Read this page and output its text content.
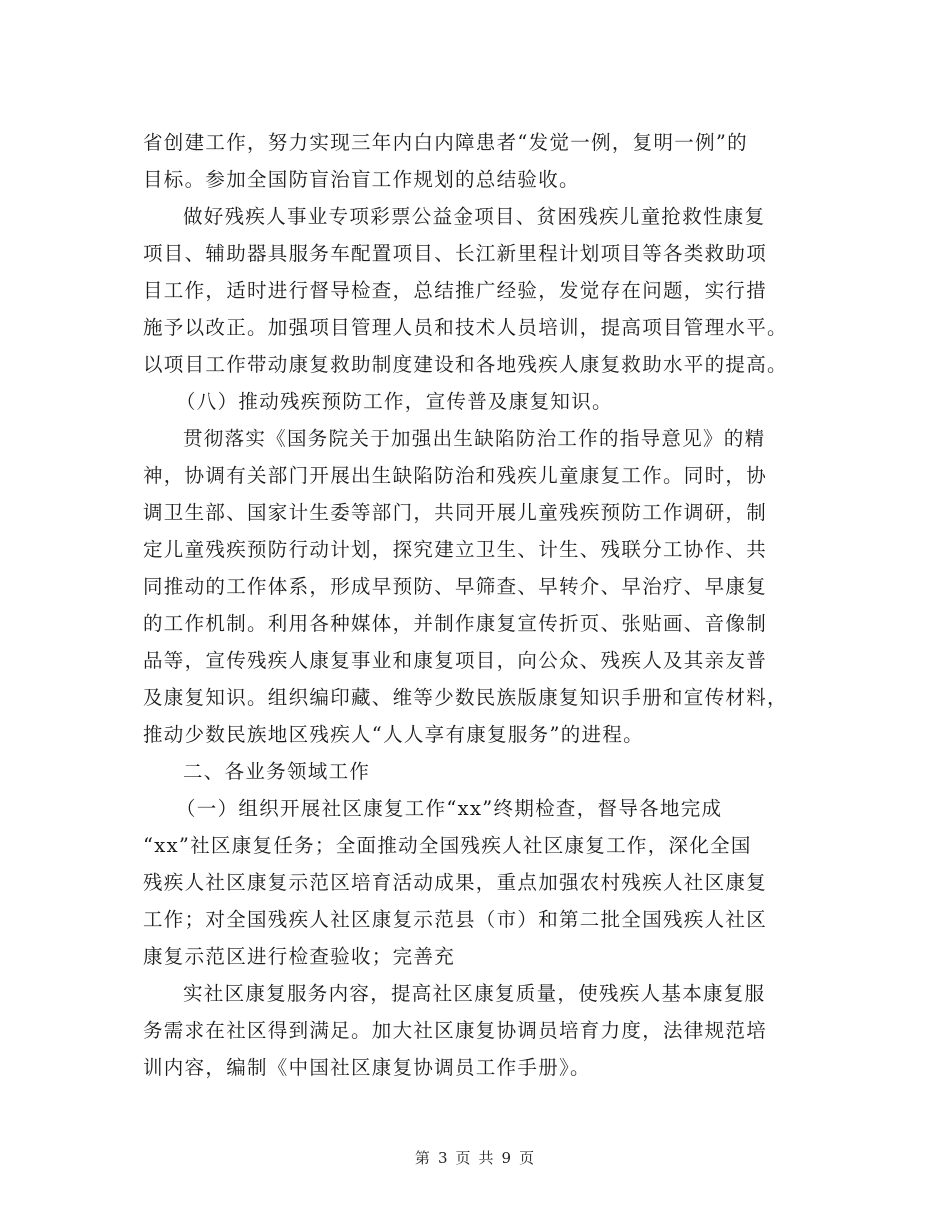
省创建工作，努力实现三年内白内障患者“发觉一例，复明一例”的

目标。参加全国防盲治盲工作规划的总结验收。

做好残疾人事业专项彩票公益金项目、贫困残疾儿童抢救性康复

项目、辅助器具服务车配置项目、长江新里程计划项目等各类救助项

目工作，适时进行督导检查，总结推广经验，发觉存在问题，实行措

施予以改正。加强项目管理人员和技术人员培训，提高项目管理水平。

以项目工作带动康复救助制度建设和各地残疾人康复救助水平的提高。

（八）推动残疾预防工作，宣传普及康复知识。

贯彻落实《国务院关于加强出生缺陷防治工作的指导意见》的精

神，协调有关部门开展出生缺陷防治和残疾儿童康复工作。同时，协

调卫生部、国家计生委等部门，共同开展儿童残疾预防工作调研，制

定儿童残疾预防行动计划，探究建立卫生、计生、残联分工协作、共

同推动的工作体系，形成早预防、早筛查、早转介、早治疗、早康复

的工作机制。利用各种媒体，并制作康复宣传折页、张贴画、音像制

品等，宣传残疾人康复事业和康复项目，向公众、残疾人及其亲友普

及康复知识。组织编印藏、维等少数民族版康复知识手册和宣传材料，

推动少数民族地区残疾人“人人享有康复服务”的进程。

二、各业务领域工作

（一）组织开展社区康复工作“xx”终期检查，督导各地完成

“xx”社区康复任务；全面推动全国残疾人社区康复工作，深化全国

残疾人社区康复示范区培育活动成果，重点加强农村残疾人社区康复

工作；对全国残疾人社区康复示范县（市）和第二批全国残疾人社区

康复示范区进行检查验收；完善充

实社区康复服务内容，提高社区康复质量，使残疾人基本康复服

务需求在社区得到满足。加大社区康复协调员培育力度，法律规范培

训内容，编制《中国社区康复协调员工作手册》。

第 3 页 共 9 页
